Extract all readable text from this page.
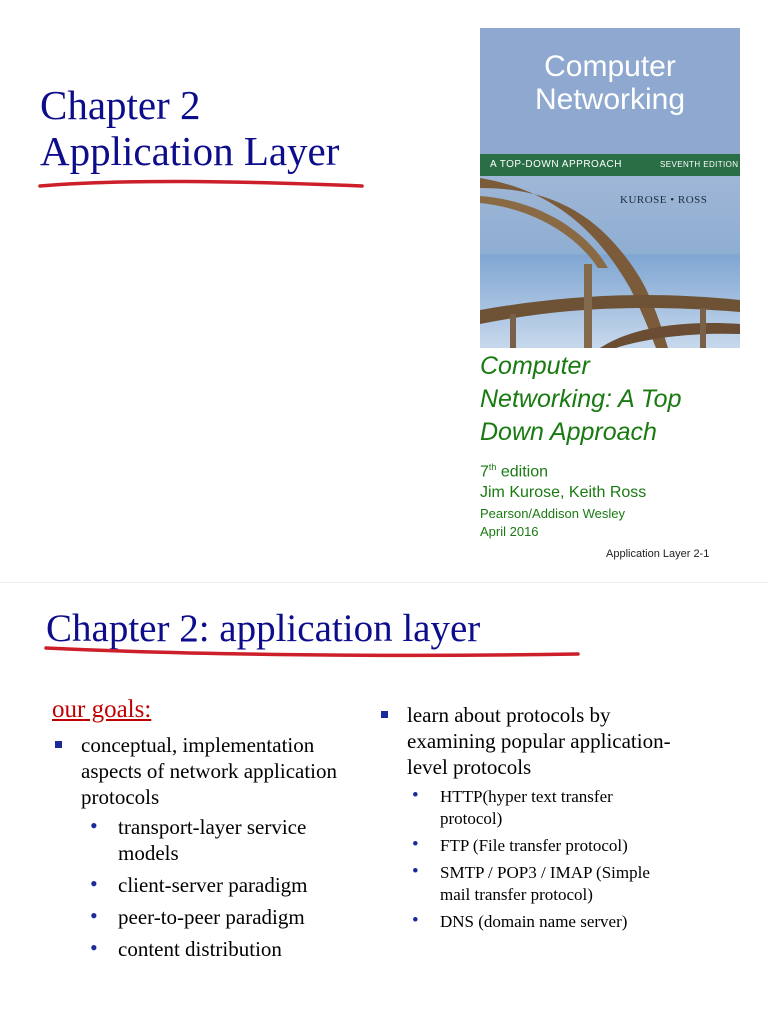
Chapter 2
Application Layer
Computer
Networking
A TOP-DOWN APPROACH	SEVENTH EDITION
KUROSE • ROSS
Computer
Networking: A Top
Down Approach
7th edition
Jim Kurose, Keith Ross
Pearson/Addison Wesley
April 2016
Application Layer 2-1
Chapter 2: application layer
our goals:
conceptual, implementation aspects of network application protocols
• transport-layer service models
• client-server paradigm
• peer-to-peer paradigm
• content distribution
learn about protocols by examining popular application-level protocols
• HTTP(hyper text transfer protocol)
• FTP (File transfer protocol)
• SMTP / POP3 / IMAP (Simple mail transfer protocol)
• DNS (domain name server)
